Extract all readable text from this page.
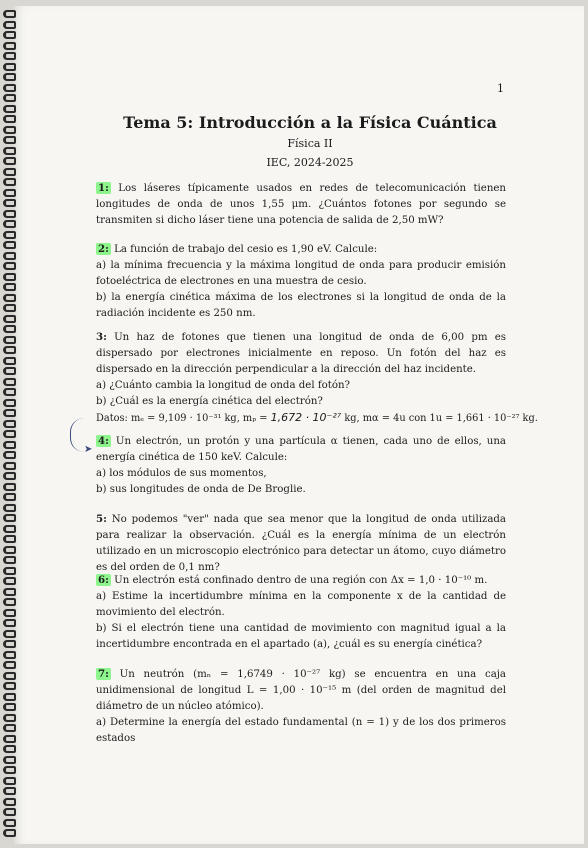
1
Tema 5: Introducción a la Física Cuántica
Física II
IEC, 2024-2025

1: Los láseres típicamente usados en redes de telecomunicación tienen longitudes de onda de unos 1,55 μm. ¿Cuántos fotones por segundo se transmiten si dicho láser tiene una potencia de salida de 2,50 mW?

2: La función de trabajo del cesio es 1,90 eV. Calcule:

a) la mínima frecuencia y la máxima longitud de onda para producir emisión fotoeléctrica de electrones en una muestra de cesio.

b) la energía cinética máxima de los electrones si la longitud de onda de la radiación incidente es 250 nm.

3: Un haz de fotones que tienen una longitud de onda de 6,00 pm es dispersado por electrones inicialmente en reposo. Un fotón del haz es dispersado en la dirección perpendicular a la dirección del haz incidente.

a) ¿Cuánto cambia la longitud de onda del fotón?

b) ¿Cuál es la energía cinética del electrón?

Datos: mₑ = 9,109 · 10⁻³¹ kg, mₚ = 1,672 · 10⁻²⁷ kg, mα = 4u con 1u = 1,661 · 10⁻²⁷ kg.

➤

4: Un electrón, un protón y una partícula α tienen, cada uno de ellos, una energía cinética de 150 keV. Calcule:

a) los módulos de sus momentos,

b) sus longitudes de onda de De Broglie.

5: No podemos "ver" nada que sea menor que la longitud de onda utilizada para realizar la observación. ¿Cuál es la energía mínima de un electrón utilizado en un microscopio electrónico para detectar un átomo, cuyo diámetro es del orden de 0,1 nm?

6: Un electrón está confinado dentro de una región con Δx = 1,0 · 10⁻¹⁰ m.

a) Estime la incertidumbre mínima en la componente x de la cantidad de movimiento del electrón.

b) Si el electrón tiene una cantidad de movimiento con magnitud igual a la incertidumbre encontrada en el apartado (a), ¿cuál es su energía cinética?

7: Un neutrón (mₙ = 1,6749 · 10⁻²⁷ kg) se encuentra en una caja unidimensional de longitud L = 1,00 · 10⁻¹⁵ m (del orden de magnitud del diámetro de un núcleo atómico).

a) Determine la energía del estado fundamental (n = 1) y de los dos primeros estados
